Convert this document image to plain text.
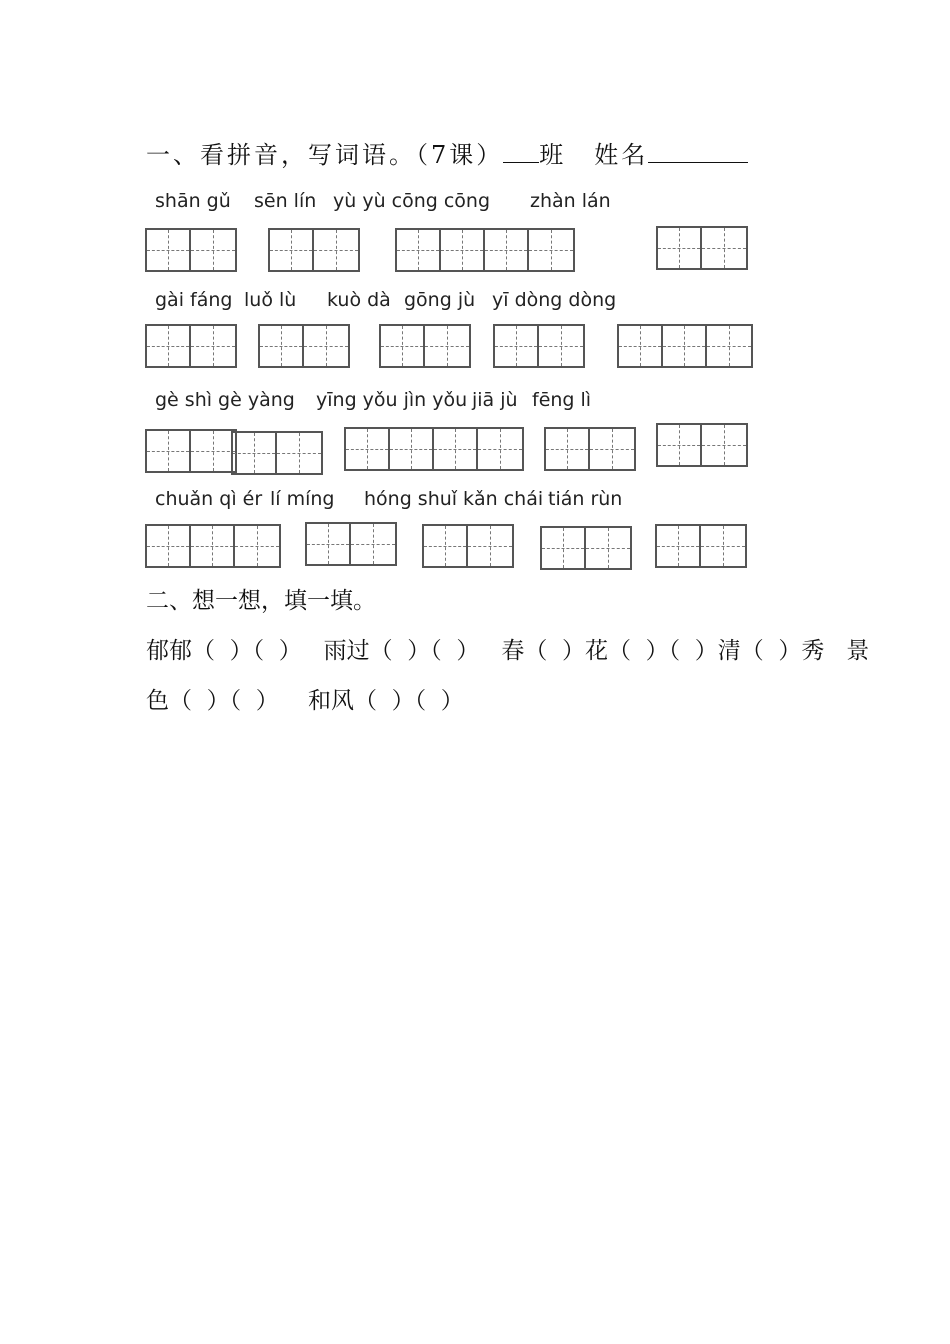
一、看拼音，写词语。（7课） 班 姓名
shān gǔ sēn lín yù yù cōng cōng zhàn lán
gài fáng luǒ lù kuò dà gōng jù yī dòng dòng
gè shì gè yàng yīng yǒu jìn yǒu jiā jù fēng lì
chuǎn qì ér lí míng hóng shuǐ kǎn chái tián rùn
二、想一想，填一填。
郁郁（  ）（  ）   雨过（  ）（  ）   春（  ）花（  ）（  ）清（  ）秀   景
色（  ）（  ）    和风（  ）（  ）
